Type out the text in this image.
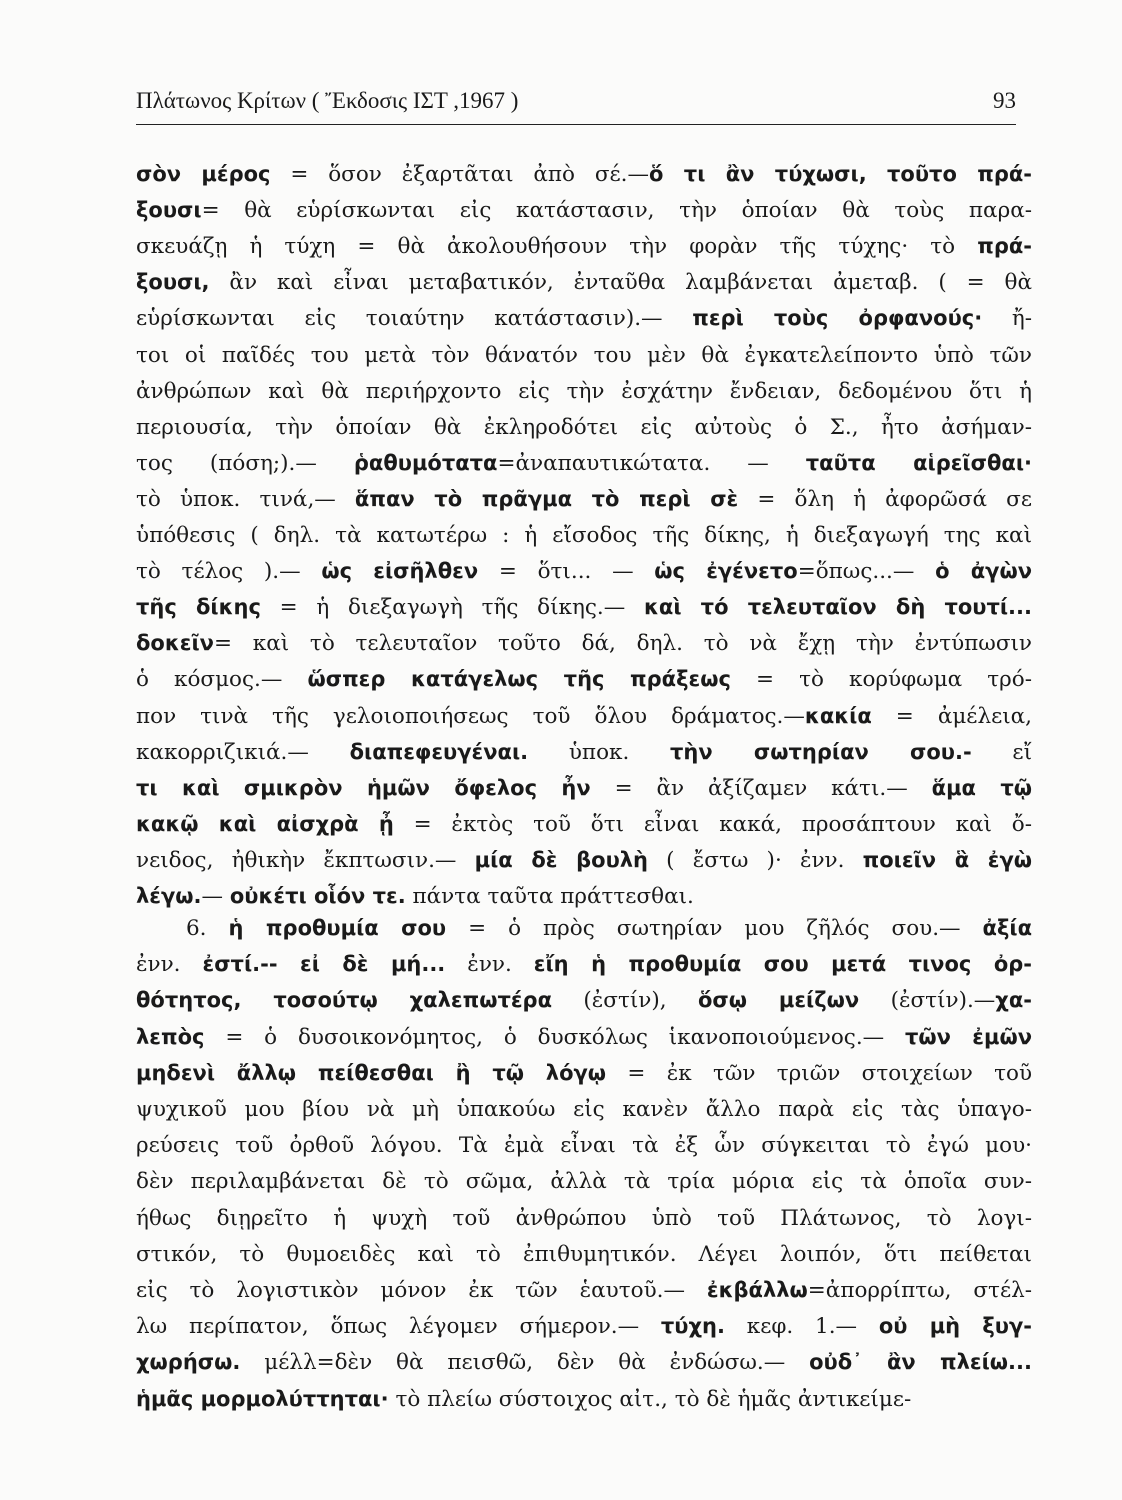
Πλάτωνος Κρίτων ( Ἔκδοσις ΙΣΤ ,1967 )	93
σὸν μέρος = ὅσον ἐξαρτᾶται ἀπὸ σέ.—ὅ τι ἂν τύχωσι, τοῦτο πρά-
ξουσι= θὰ εὑρίσκωνται εἰς κατάστασιν, τὴν ὁποίαν θὰ τοὺς παρα-
σκευάζῃ ἡ τύχη = θὰ ἀκολουθήσουν τὴν φορὰν τῆς τύχης· τὸ πρά-
ξουσι, ἂν καὶ εἶναι μεταβατικόν, ἐνταῦθα λαμβάνεται ἀμεταβ. ( = θὰ
εὑρίσκωνται εἰς τοιαύτην κατάστασιν).— περὶ τοὺς ὀρφανούς· ἤ-
τοι οἱ παῖδές του μετὰ τὸν θάνατόν του μὲν θὰ ἐγκατελείποντο ὑπὸ τῶν
ἀνθρώπων καὶ θὰ περιήρχοντο εἰς τὴν ἐσχάτην ἔνδειαν, δεδομένου ὅτι ἡ
περιουσία, τὴν ὁποίαν θὰ ἐκληροδότει εἰς αὐτοὺς ὁ Σ., ἦτο ἀσήμαν-
τος (πόση;).— ῥαθυμότατα=ἀναπαυτικώτατα. — ταῦτα αἱρεῖσθαι·
τὸ ὑποκ. τινά,— ἅπαν τὸ πρᾶγμα τὸ περὶ σὲ = ὅλη ἡ ἀφορῶσά σε
ὑπόθεσις ( δηλ. τὰ κατωτέρω : ἡ εἴσοδος τῆς δίκης, ἡ διεξαγωγή της καὶ
τὸ τέλος ).— ὡς εἰσῆλθεν = ὅτι... — ὡς ἐγένετο=ὅπως...— ὁ ἀγὼν
τῆς δίκης = ἡ διεξαγωγὴ τῆς δίκης.— καὶ τό τελευταῖον δὴ τουτί...
δοκεῖν= καὶ τὸ τελευταῖον τοῦτο δά, δηλ. τὸ νὰ ἔχῃ τὴν ἐντύπωσιν
ὁ κόσμος.— ὥσπερ κατάγελως τῆς πράξεως = τὸ κορύφωμα τρό-
πον τινὰ τῆς γελοιοποιήσεως τοῦ ὅλου δράματος.—κακία = ἀμέλεια,
κακορριζικιά.— διαπεφευγέναι. ὑποκ. τὴν σωτηρίαν σου.- εἴ
τι καὶ σμικρὸν ἡμῶν ὄφελος ἦν = ἂν ἀξίζαμεν κάτι.— ἅμα τῷ
κακῷ καὶ αἰσχρὰ ᾖ = ἐκτὸς τοῦ ὅτι εἶναι κακά, προσάπτουν καὶ ὄ-
νειδος, ἠθικὴν ἔκπτωσιν.— μία δὲ βουλὴ ( ἔστω )· ἐνν. ποιεῖν ἃ ἐγὼ
λέγω.— οὐκέτι οἷόν τε. πάντα ταῦτα πράττεσθαι.
6. ἡ προθυμία σου = ὁ πρὸς σωτηρίαν μου ζῆλός σου.— ἀξία
ἐνν. ἐστί.-- εἰ δὲ μή... ἐνν. εἴη ἡ προθυμία σου μετά τινος ὀρ-
θότητος, τοσούτῳ χαλεπωτέρα (ἐστίν), ὅσῳ μείζων (ἐστίν).—χα-
λεπὸς = ὁ δυσοικονόμητος, ὁ δυσκόλως ἱκανοποιούμενος.— τῶν ἐμῶν
μηδενὶ ἄλλῳ πείθεσθαι ἢ τῷ λόγῳ = ἐκ τῶν τριῶν στοιχείων τοῦ
ψυχικοῦ μου βίου νὰ μὴ ὑπακούω εἰς κανὲν ἄλλο παρὰ εἰς τὰς ὑπαγο-
ρεύσεις τοῦ ὀρθοῦ λόγου. Τὰ ἐμὰ εἶναι τὰ ἐξ ὧν σύγκειται τὸ ἐγώ μου·
δὲν περιλαμβάνεται δὲ τὸ σῶμα, ἀλλὰ τὰ τρία μόρια εἰς τὰ ὁποῖα συν-
ήθως διῃρεῖτο ἡ ψυχὴ τοῦ ἀνθρώπου ὑπὸ τοῦ Πλάτωνος, τὸ λογι-
στικόν, τὸ θυμοειδὲς καὶ τὸ ἐπιθυμητικόν. Λέγει λοιπόν, ὅτι πείθεται
εἰς τὸ λογιστικὸν μόνον ἐκ τῶν ἑαυτοῦ.— ἐκβάλλω=ἀπορρίπτω, στέλ-
λω περίπατον, ὅπως λέγομεν σήμερον.— τύχη. κεφ. 1.— οὐ μὴ ξυγ-
χωρήσω. μέλλ=δὲν θὰ πεισθῶ, δὲν θὰ ἐνδώσω.— οὐδ᾽ ἂν πλείω...
ἡμᾶς μορμολύττηται· τὸ πλείω σύστοιχος αἰτ., τὸ δὲ ἡμᾶς ἀντικείμε-
